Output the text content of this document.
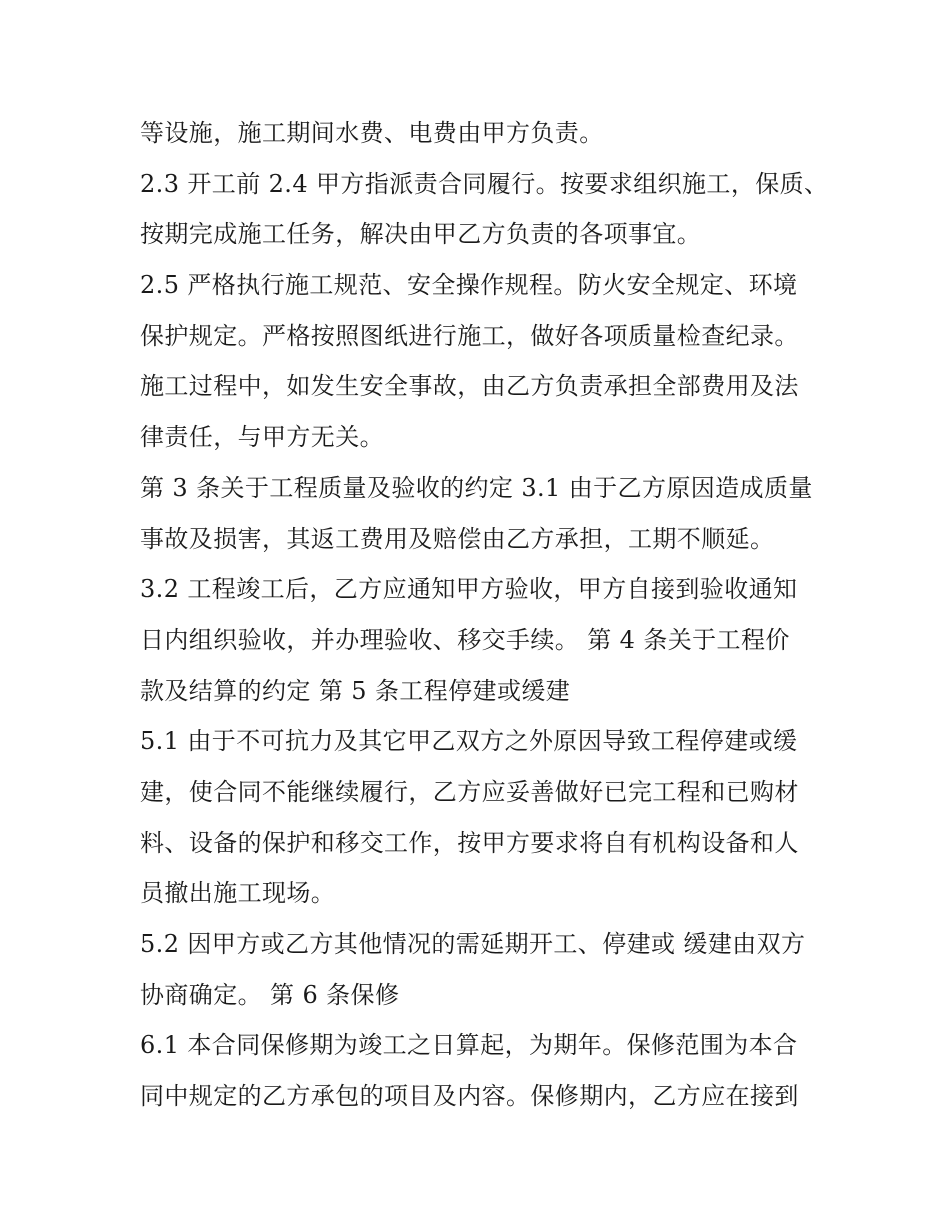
等设施，施工期间水费、电费由甲方负责。
2.3 开工前 2.4 甲方指派责合同履行。按要求组织施工，保质、
按期完成施工任务，解决由甲乙方负责的各项事宜。
2.5 严格执行施工规范、安全操作规程。防火安全规定、环境
保护规定。严格按照图纸进行施工，做好各项质量检查纪录。
施工过程中，如发生安全事故，由乙方负责承担全部费用及法
律责任，与甲方无关。
第 3 条关于工程质量及验收的约定 3.1 由于乙方原因造成质量
事故及损害，其返工费用及赔偿由乙方承担，工期不顺延。
3.2 工程竣工后，乙方应通知甲方验收，甲方自接到验收通知
日内组织验收，并办理验收、移交手续。 第 4 条关于工程价
款及结算的约定 第 5 条工程停建或缓建
5.1 由于不可抗力及其它甲乙双方之外原因导致工程停建或缓
建，使合同不能继续履行，乙方应妥善做好已完工程和已购材
料、设备的保护和移交工作，按甲方要求将自有机构设备和人
员撤出施工现场。
5.2 因甲方或乙方其他情况的需延期开工、停建或 缓建由双方
协商确定。 第 6 条保修
6.1 本合同保修期为竣工之日算起，为期年。保修范围为本合
同中规定的乙方承包的项目及内容。保修期内，乙方应在接到
